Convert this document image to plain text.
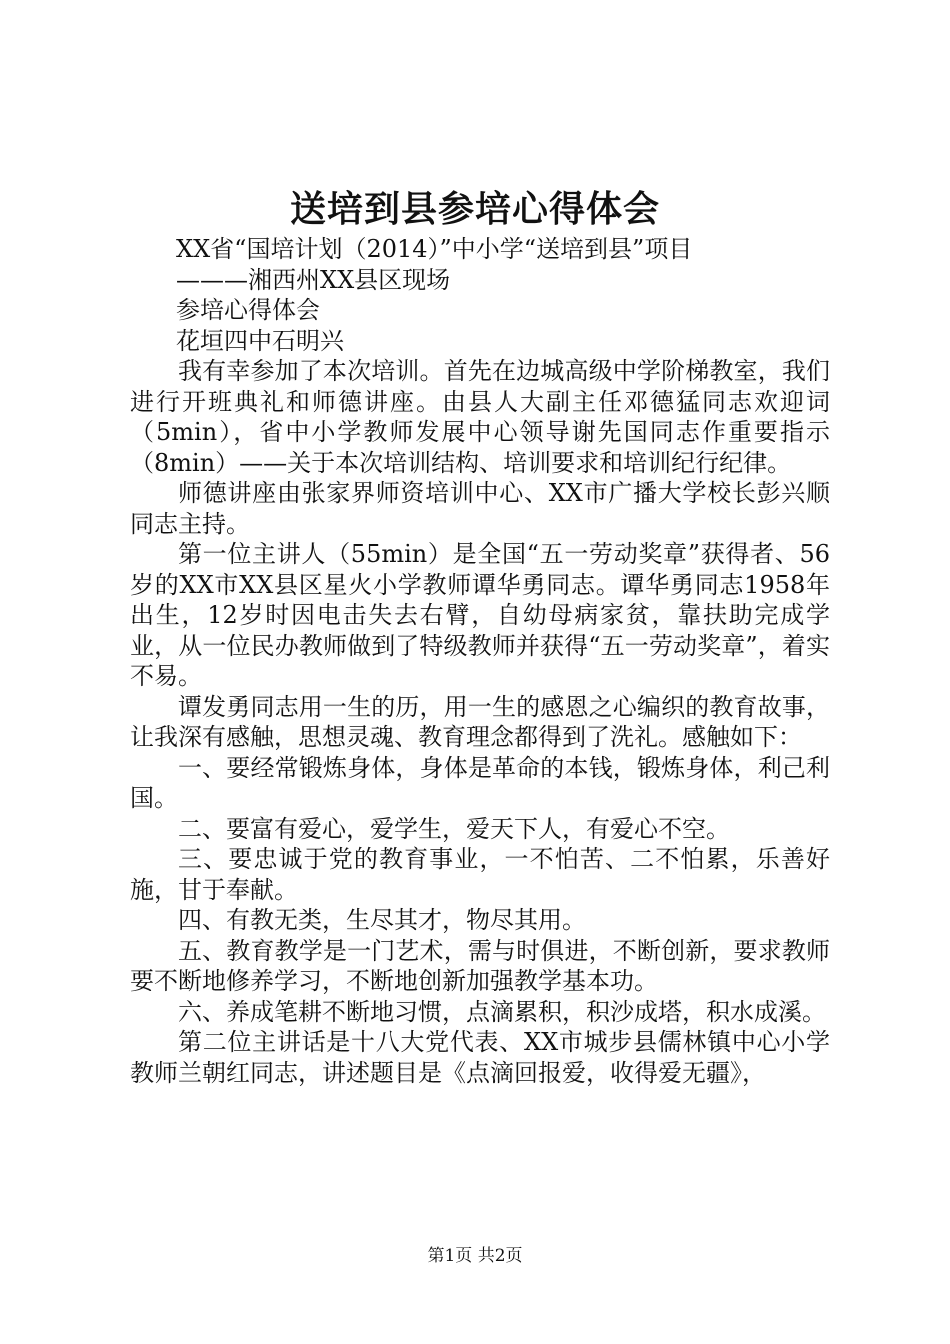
送培到县参培心得体会

XX省“国培计划（2014）”中小学“送培到县”项目

———湘西州XX县区现场

参培心得体会

花垣四中石明兴

我有幸参加了本次培训。首先在边城高级中学阶梯教室，我们进行开班典礼和师德讲座。由县人大副主任邓德猛同志欢迎词（5min），省中小学教师发展中心领导谢先国同志作重要指示（8min）——关于本次培训结构、培训要求和培训纪行纪律。

师德讲座由张家界师资培训中心、XX市广播大学校长彭兴顺同志主持。

第一位主讲人（55min）是全国“五一劳动奖章”获得者、56岁的XX市XX县区星火小学教师谭华勇同志。谭华勇同志1958年出生，12岁时因电击失去右臂，自幼母病家贫，靠扶助完成学业，从一位民办教师做到了特级教师并获得“五一劳动奖章”，着实不易。

谭发勇同志用一生的历，用一生的感恩之心编织的教育故事，让我深有感触，思想灵魂、教育理念都得到了洗礼。感触如下：

一、要经常锻炼身体，身体是革命的本钱，锻炼身体，利己利国。

二、要富有爱心，爱学生，爱天下人，有爱心不空。

三、要忠诚于党的教育事业，一不怕苦、二不怕累，乐善好施，甘于奉献。

四、有教无类，生尽其才，物尽其用。

五、教育教学是一门艺术，需与时俱进，不断创新，要求教师要不断地修养学习，不断地创新加强教学基本功。

六、养成笔耕不断地习惯，点滴累积，积沙成塔，积水成溪。

第二位主讲话是十八大党代表、XX市城步县儒林镇中心小学教师兰朝红同志，讲述题目是《点滴回报爱，收得爱无疆》，

第1页 共2页
